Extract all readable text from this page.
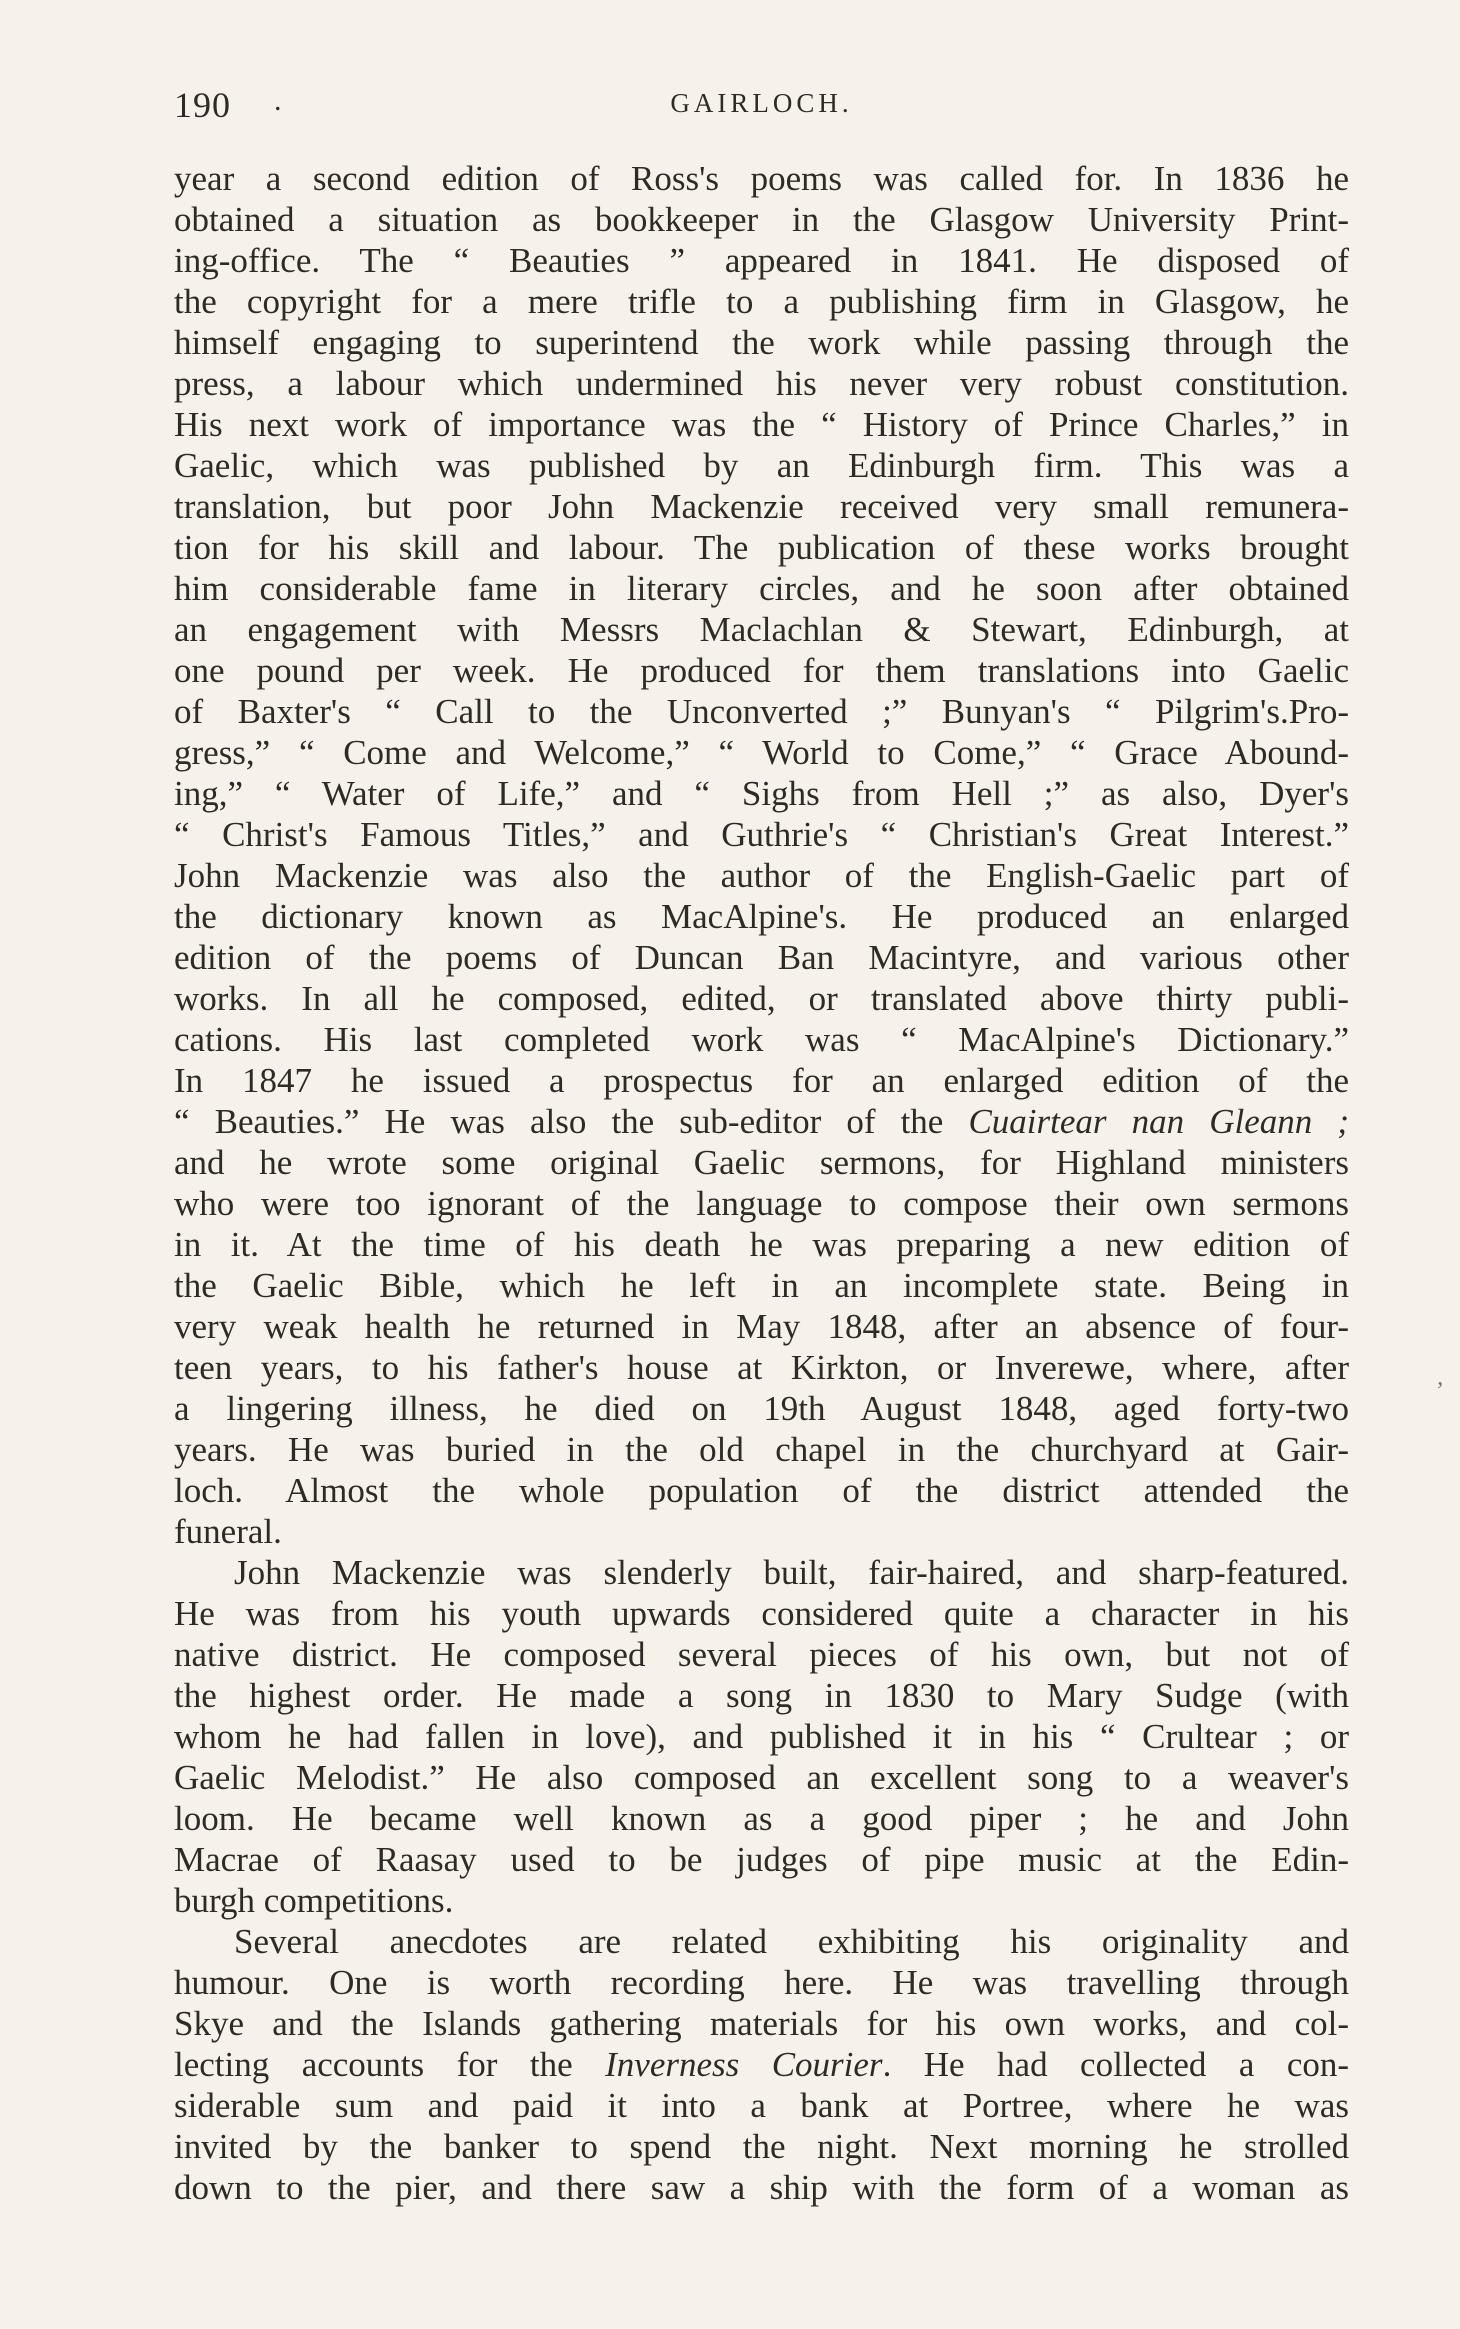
190 .	GAIRLOCH.
year a second edition of Ross's poems was called for. In 1836 he
obtained a situation as bookkeeper in the Glasgow University Print-
ing-office. The “ Beauties ” appeared in 1841. He disposed of
the copyright for a mere trifle to a publishing firm in Glasgow, he
himself engaging to superintend the work while passing through the
press, a labour which undermined his never very robust constitution.
His next work of importance was the “ History of Prince Charles,” in
Gaelic, which was published by an Edinburgh firm. This was a
translation, but poor John Mackenzie received very small remunera-
tion for his skill and labour. The publication of these works brought
him considerable fame in literary circles, and he soon after obtained
an engagement with Messrs Maclachlan & Stewart, Edinburgh, at
one pound per week. He produced for them translations into Gaelic
of Baxter's “ Call to the Unconverted ;” Bunyan's “ Pilgrim's.Pro-
gress,” “ Come and Welcome,” “ World to Come,” “ Grace Abound-
ing,” “ Water of Life,” and “ Sighs from Hell ;” as also, Dyer's
“ Christ's Famous Titles,” and Guthrie's “ Christian's Great Interest.”
John Mackenzie was also the author of the English-Gaelic part of
the dictionary known as MacAlpine's. He produced an enlarged
edition of the poems of Duncan Ban Macintyre, and various other
works. In all he composed, edited, or translated above thirty publi-
cations. His last completed work was “ MacAlpine's Dictionary.”
In 1847 he issued a prospectus for an enlarged edition of the
“ Beauties.” He was also the sub-editor of the Cuairtear nan Gleann ;
and he wrote some original Gaelic sermons, for Highland ministers
who were too ignorant of the language to compose their own sermons
in it. At the time of his death he was preparing a new edition of
the Gaelic Bible, which he left in an incomplete state. Being in
very weak health he returned in May 1848, after an absence of four-
teen years, to his father's house at Kirkton, or Inverewe, where, after
a lingering illness, he died on 19th August 1848, aged forty-two
years. He was buried in the old chapel in the churchyard at Gair-
loch. Almost the whole population of the district attended the
funeral.
John Mackenzie was slenderly built, fair-haired, and sharp-featured.
He was from his youth upwards considered quite a character in his
native district. He composed several pieces of his own, but not of
the highest order. He made a song in 1830 to Mary Sudge (with
whom he had fallen in love), and published it in his “ Crultear ; or
Gaelic Melodist.” He also composed an excellent song to a weaver's
loom. He became well known as a good piper ; he and John
Macrae of Raasay used to be judges of pipe music at the Edin-
burgh competitions.
Several anecdotes are related exhibiting his originality and
humour. One is worth recording here. He was travelling through
Skye and the Islands gathering materials for his own works, and col-
lecting accounts for the Inverness Courier. He had collected a con-
siderable sum and paid it into a bank at Portree, where he was
invited by the banker to spend the night. Next morning he strolled
down to the pier, and there saw a ship with the form of a woman as
ʼ
